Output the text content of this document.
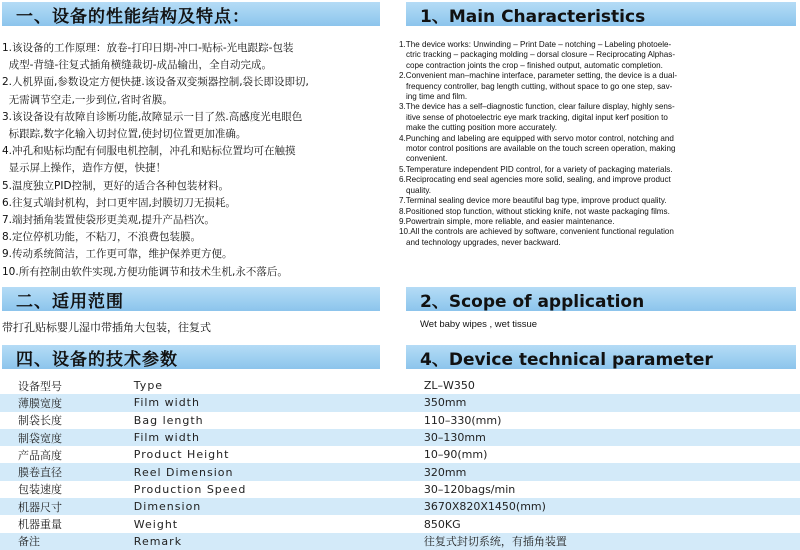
一、设备的性能结构及特点：	1、Main Characteristics
1.该设备的工作原理：放卷-打印日期-冲口-贴标-光电跟踪-包装
成型-背缝-往复式插角横缝裁切-成品输出，全自动完成。
2.人机界面,参数设定方便快捷.该设备双变频器控制,袋长即设即切,
无需调节空走,一步到位,省时省膜。
3.该设备设有故障自诊断功能,故障显示一目了然.高感度光电眼色
标跟踪,数字化输入切封位置,使封切位置更加准确。
4.冲孔和贴标均配有伺服电机控制，冲孔和贴标位置均可在触摸
显示屏上操作，造作方便，快捷！
5.温度独立PID控制，更好的适合各种包装材料。
6.往复式端封机构，封口更牢固,封膜切刀无损耗。
7.端封插角装置使袋形更美观,提升产品档次。
8.定位停机功能，不粘刀，不浪费包装膜。
9.传动系统简洁，工作更可靠，维护保养更方便。
10.所有控制由软件实现,方便功能调节和技术生机,永不落后。
1.The device works: Unwinding – Print Date – notching – Labeling photoele-
ctric tracking – packaging molding – dorsal closure – Reciprocating Alphas-
cope contraction joints the crop – finished output, automatic completion.
2.Convenient man–machine interface, parameter setting, the device is a dual-
frequency controller, bag length cutting, without space to go one step, sav-
ing time and film.
3.The device has a self–diagnostic function, clear failure display, highly sens-
itive sense of photoelectric eye mark tracking, digital input kerf position to
make the cutting position more accurately.
4.Punching and labeling are equipped with servo motor control, notching and
motor control positions are available on the touch screen operation, making
convenient.
5.Temperature independent PID control, for a variety of packaging materials.
6.Reciprocating end seal agencies more solid, sealing, and improve product
quality.
7.Terminal sealing device more beautiful bag type, improve product quality.
8.Positioned stop function, without sticking knife, not waste packaging films.
9.Powertrain simple, more reliable, and easier maintenance.
10.All the controls are achieved by software, convenient functional regulation
and technology upgrades, never backward.
二、适用范围	2、Scope of application
带打孔贴标婴儿湿巾带插角大包装，往复式	Wet baby wipes , wet tissue
四、设备的技术参数	4、Device technical parameter
设备型号	Type	ZL–W350
薄膜宽度	Film width	350mm
制袋长度	Bag length	110–330(mm)
制袋宽度	Film width	30–130mm
产品高度	Product Height	10–90(mm)
膜卷直径	Reel Dimension	320mm
包装速度	Production Speed	30–120bags/min
机器尺寸	Dimension	3670X820X1450(mm)
机器重量	Weight	850KG
备注	Remark	往复式封切系统，有插角装置
